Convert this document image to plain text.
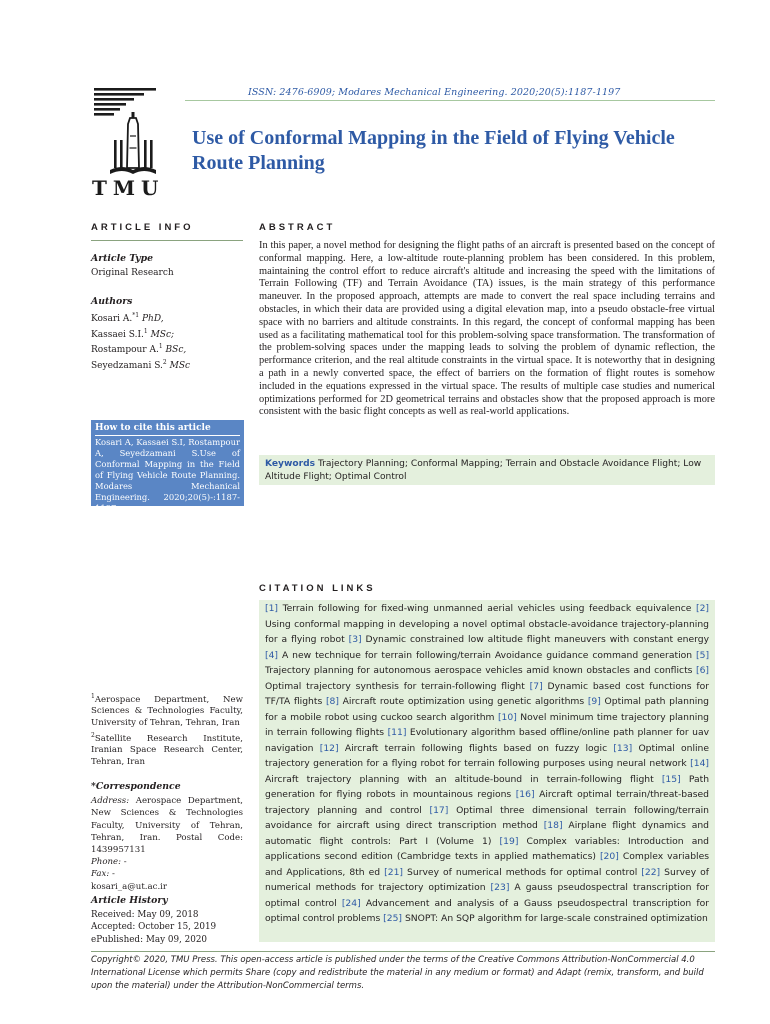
ISSN: 2476-6909; Modares Mechanical Engineering. 2020;20(5):1187-1197
TMU
Use of Conformal Mapping in the Field of Flying Vehicle Route Planning
ARTICLE INFO
Article Type
Original Research
Authors
Kosari A.$^{*1}$ PhD,
Kassaei S.I.$^1$ MSc;
Rostampour A.$^1$ BSc,
Seyedzamani S.$^2$ MSc
How to cite this article
Kosari A, Kassaei S.I, Rostampour A, Seyedzamani S.Use of Conformal Mapping in the Field of Flying Vehicle Route Planning. Modares Mechanical Engineering. 2020;20(5)-:1187-1197.
$^1$Aerospace Department, New Sciences & Technologies Faculty, University of Tehran, Tehran, Iran
$^2$Satellite Research Institute, Iranian Space Research Center, Tehran, Iran
*Correspondence
Address: Aerospace Department, New Sciences & Technologies Faculty, University of Tehran, Tehran, Iran. Postal Code: 1439957131
Phone: -
Fax: -
kosari_a@ut.ac.ir
Article History
Received: May 09, 2018
Accepted: October 15, 2019
ePublished: May 09, 2020
ABSTRACT
In this paper, a novel method for designing the flight paths of an aircraft is presented based on the concept of conformal mapping. Here, a low-altitude route-planning problem has been considered. In this problem, maintaining the control effort to reduce aircraft's altitude and increasing the speed with the limitations of Terrain Following (TF) and Terrain Avoidance (TA) issues, is the main strategy of this performance maneuver. In the proposed approach, attempts are made to convert the real space including terrains and obstacles, in which their data are provided using a digital elevation map, into a pseudo obstacle-free virtual space with no barriers and altitude constraints. In this regard, the concept of conformal mapping has been used as a facilitating mathematical tool for this problem-solving space transformation. The transformation of the problem-solving spaces under the mapping leads to solving the problem of dynamic reflection, the performance criterion, and the real altitude constraints in the virtual space. It is noteworthy that in designing a path in a newly converted space, the effect of barriers on the formation of flight routes is somehow included in the equations expressed in the virtual space. The results of multiple case studies and numerical optimizations performed for 2D geometrical terrains and obstacles show that the proposed approach is more consistent with the basic flight concepts as well as real-world applications.
Keywords Trajectory Planning; Conformal Mapping; Terrain and Obstacle Avoidance Flight; Low Altitude Flight; Optimal Control
CITATION LINKS
[1] Terrain following for fixed-wing unmanned aerial vehicles using feedback equivalence [2] Using conformal mapping in developing a novel optimal obstacle-avoidance trajectory-planning for a flying robot [3] Dynamic constrained low altitude flight maneuvers with constant energy [4] A new technique for terrain following/terrain Avoidance guidance command generation [5] Trajectory planning for autonomous aerospace vehicles amid known obstacles and conflicts [6] Optimal trajectory synthesis for terrain-following flight [7] Dynamic based cost functions for TF/TA flights [8] Aircraft route optimization using genetic algorithms [9] Optimal path planning for a mobile robot using cuckoo search algorithm [10] Novel minimum time trajectory planning in terrain following flights [11] Evolutionary algorithm based offline/online path planner for uav navigation [12] Aircraft terrain following flights based on fuzzy logic [13] Optimal online trajectory generation for a flying robot for terrain following purposes using neural network [14] Aircraft trajectory planning with an altitude-bound in terrain-following flight [15] Path generation for flying robots in mountainous regions [16] Aircraft optimal terrain/threat-based trajectory planning and control [17] Optimal three dimensional terrain following/terrain avoidance for aircraft using direct transcription method [18] Airplane flight dynamics and automatic flight controls: Part I (Volume 1) [19] Complex variables: Introduction and applications second edition (Cambridge texts in applied mathematics) [20] Complex variables and Applications, 8th ed [21] Survey of numerical methods for optimal control [22] Survey of numerical methods for trajectory optimization [23] A gauss pseudospectral transcription for optimal control [24] Advancement and analysis of a Gauss pseudospectral transcription for optimal control problems [25] SNOPT: An SQP algorithm for large-scale constrained optimization
Copyright© 2020, TMU Press. This open-access article is published under the terms of the Creative Commons Attribution-NonCommercial 4.0 International License which permits Share (copy and redistribute the material in any medium or format) and Adapt (remix, transform, and build upon the material) under the Attribution-NonCommercial terms.
